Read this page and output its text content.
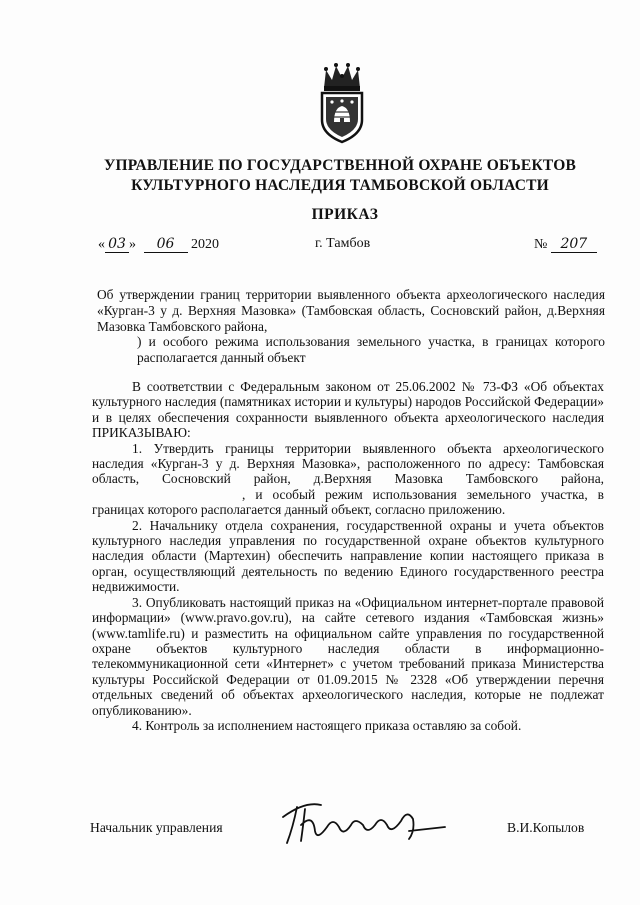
УПРАВЛЕНИЕ ПО ГОСУДАРСТВЕННОЙ ОХРАНЕ ОБЪЕКТОВ
КУЛЬТУРНОГО НАСЛЕДИЯ ТАМБОВСКОЙ ОБЛАСТИ
ПРИКАЗ
« 03 » 06 2020	г. Тамбов	№ 207

Об утверждении границ территории выявленного объекта археологического наследия «Курган-3 у д. Верхняя Мазовка» (Тамбовская область, Сосновский район, д.Верхняя Мазовка Тамбовского района,

) и особого режима использования земельного участка, в границах которого располагается данный объект

В соответствии с Федеральным законом от 25.06.2002 № 73-ФЗ «Об объектах культурного наследия (памятниках истории и культуры) народов Российской Федерации» и в целях обеспечения сохранности выявленного объекта археологического наследия ПРИКАЗЫВАЮ:

1. Утвердить границы территории выявленного объекта археологического наследия «Курган-3 у д. Верхняя Мазовка», расположенного по адресу: Тамбовская область, Сосновский район, д.Верхняя Мазовка Тамбовского района, , и особый режим использования земельного участка, в границах которого располагается данный объект, согласно приложению.

2. Начальнику отдела сохранения, государственной охраны и учета объектов культурного наследия управления по государственной охране объектов культурного наследия области (Мартехин) обеспечить направление копии настоящего приказа в орган, осуществляющий деятельность по ведению Единого государственного реестра недвижимости.

3. Опубликовать настоящий приказ на «Официальном интернет-портале правовой информации» (www.pravo.gov.ru), на сайте сетевого издания «Тамбовская жизнь» (www.tamlife.ru) и разместить на официальном сайте управления по государственной охране объектов культурного наследия области в информационно-телекоммуникационной сети «Интернет» с учетом требований приказа Министерства культуры Российской Федерации от 01.09.2015 № 2328 «Об утверждении перечня отдельных сведений об объектах археологического наследия, которые не подлежат опубликованию».

4. Контроль за исполнением настоящего приказа оставляю за собой.

Начальник управления	В.И.Копылов
